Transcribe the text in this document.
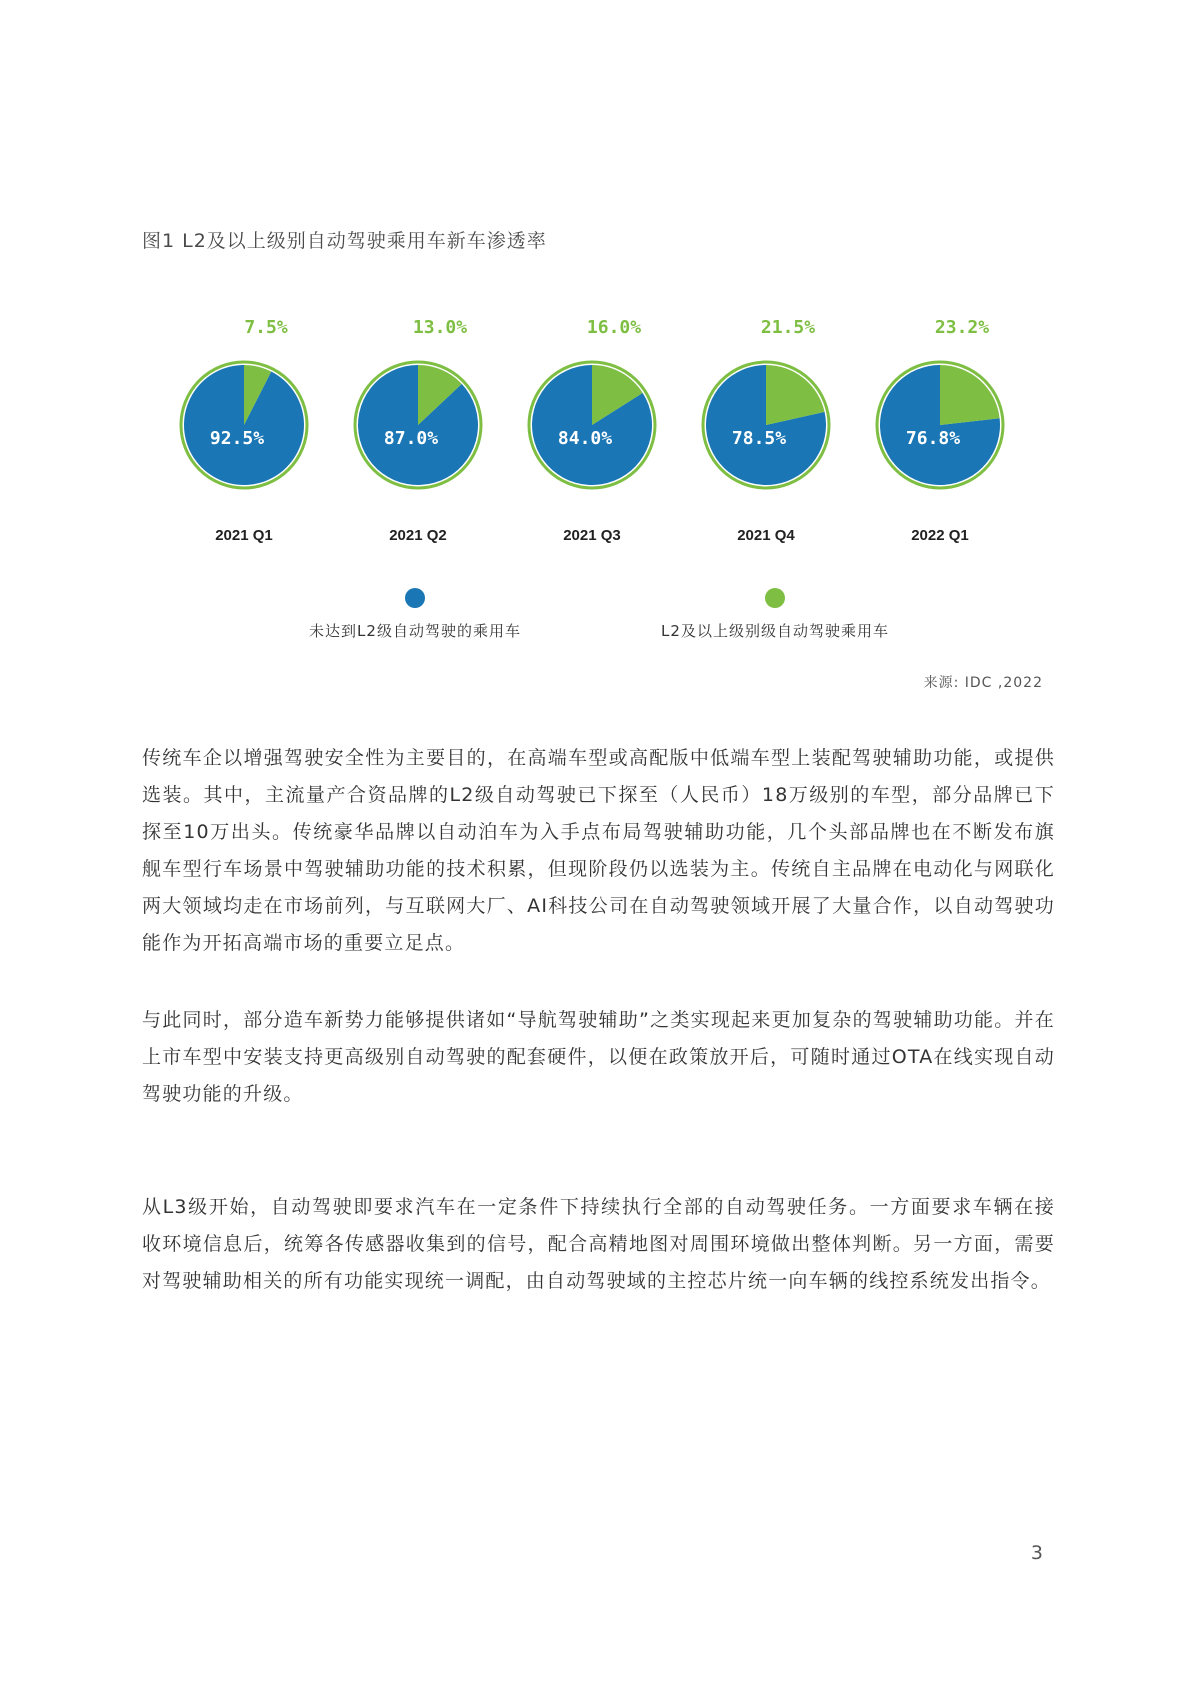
图1 L2及以上级别自动驾驶乘用车新车渗透率
92.5%
7.5%
2021 Q1
87.0%
13.0%
2021 Q2
84.0%
16.0%
2021 Q3
78.5%
21.5%
2021 Q4
76.8%
23.2%
2022 Q1
未达到L2级自动驾驶的乘用车	L2及以上级别级自动驾驶乘用车
来源: IDC ,2022

传统车企以增强驾驶安全性为主要目的，在高端车型或高配版中低端车型上装配驾驶辅助功能，或提供选装。其中，主流量产合资品牌的L2级自动驾驶已下探至（人民币）18万级别的车型，部分品牌已下探至10万出头。传统豪华品牌以自动泊车为入手点布局驾驶辅助功能，几个头部品牌也在不断发布旗舰车型行车场景中驾驶辅助功能的技术积累，但现阶段仍以选装为主。传统自主品牌在电动化与网联化两大领域均走在市场前列，与互联网大厂、AI科技公司在自动驾驶领域开展了大量合作，以自动驾驶功能作为开拓高端市场的重要立足点。

与此同时，部分造车新势力能够提供诸如“导航驾驶辅助”之类实现起来更加复杂的驾驶辅助功能。并在上市车型中安装支持更高级别自动驾驶的配套硬件，以便在政策放开后，可随时通过OTA在线实现自动驾驶功能的升级。

从L3级开始，自动驾驶即要求汽车在一定条件下持续执行全部的自动驾驶任务。一方面要求车辆在接收环境信息后，统筹各传感器收集到的信号，配合高精地图对周围环境做出整体判断。另一方面，需要对驾驶辅助相关的所有功能实现统一调配，由自动驾驶域的主控芯片统一向车辆的线控系统发出指令。

3
